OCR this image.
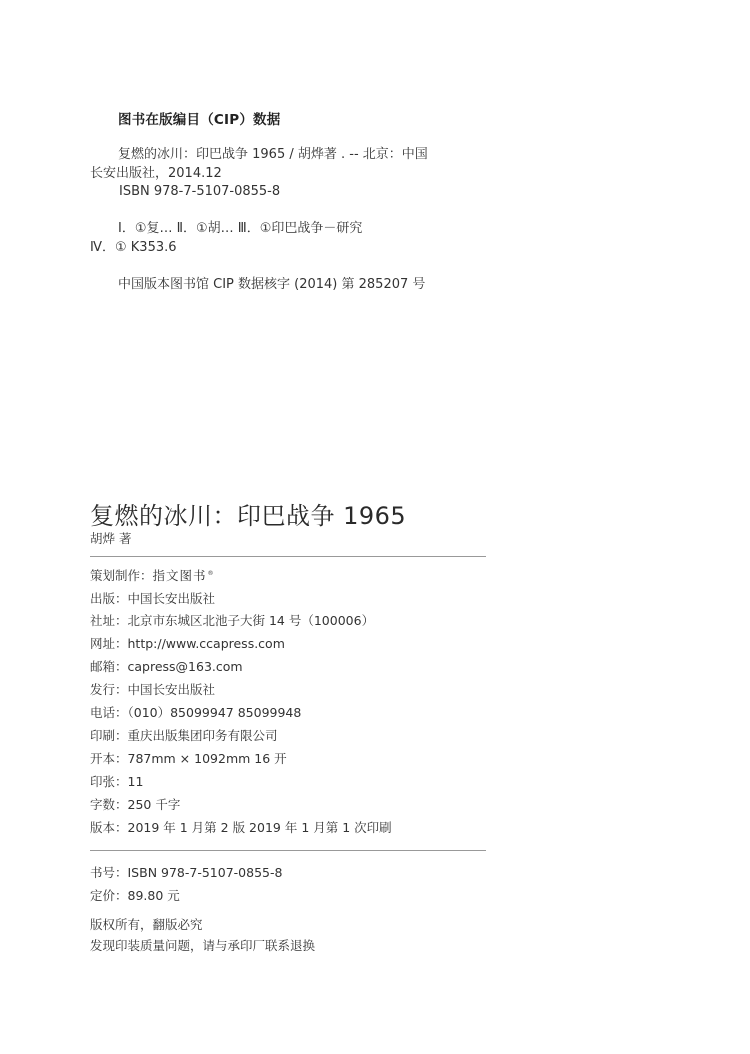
图书在版编目（CIP）数据
复燃的冰川：印巴战争 1965 / 胡烨著 . -- 北京：中国
长安出版社，2014.12
ISBN 978-7-5107-0855-8
Ⅰ．①复… Ⅱ．①胡… Ⅲ．①印巴战争－研究
Ⅳ．① K353.6
中国版本图书馆 CIP 数据核字 (2014) 第 285207 号
复燃的冰川：印巴战争 1965
胡烨 著
策划制作：指文图书®
出版：中国长安出版社
社址：北京市东城区北池子大街 14 号（100006）
网址：http://www.ccapress.com
邮箱：capress@163.com
发行：中国长安出版社
电话：（010）85099947 85099948
印刷：重庆出版集团印务有限公司
开本：787mm × 1092mm 16 开
印张：11
字数：250 千字
版本：2019 年 1 月第 2 版 2019 年 1 月第 1 次印刷
书号：ISBN 978-7-5107-0855-8
定价：89.80 元
版权所有，翻版必究
发现印装质量问题，请与承印厂联系退换
